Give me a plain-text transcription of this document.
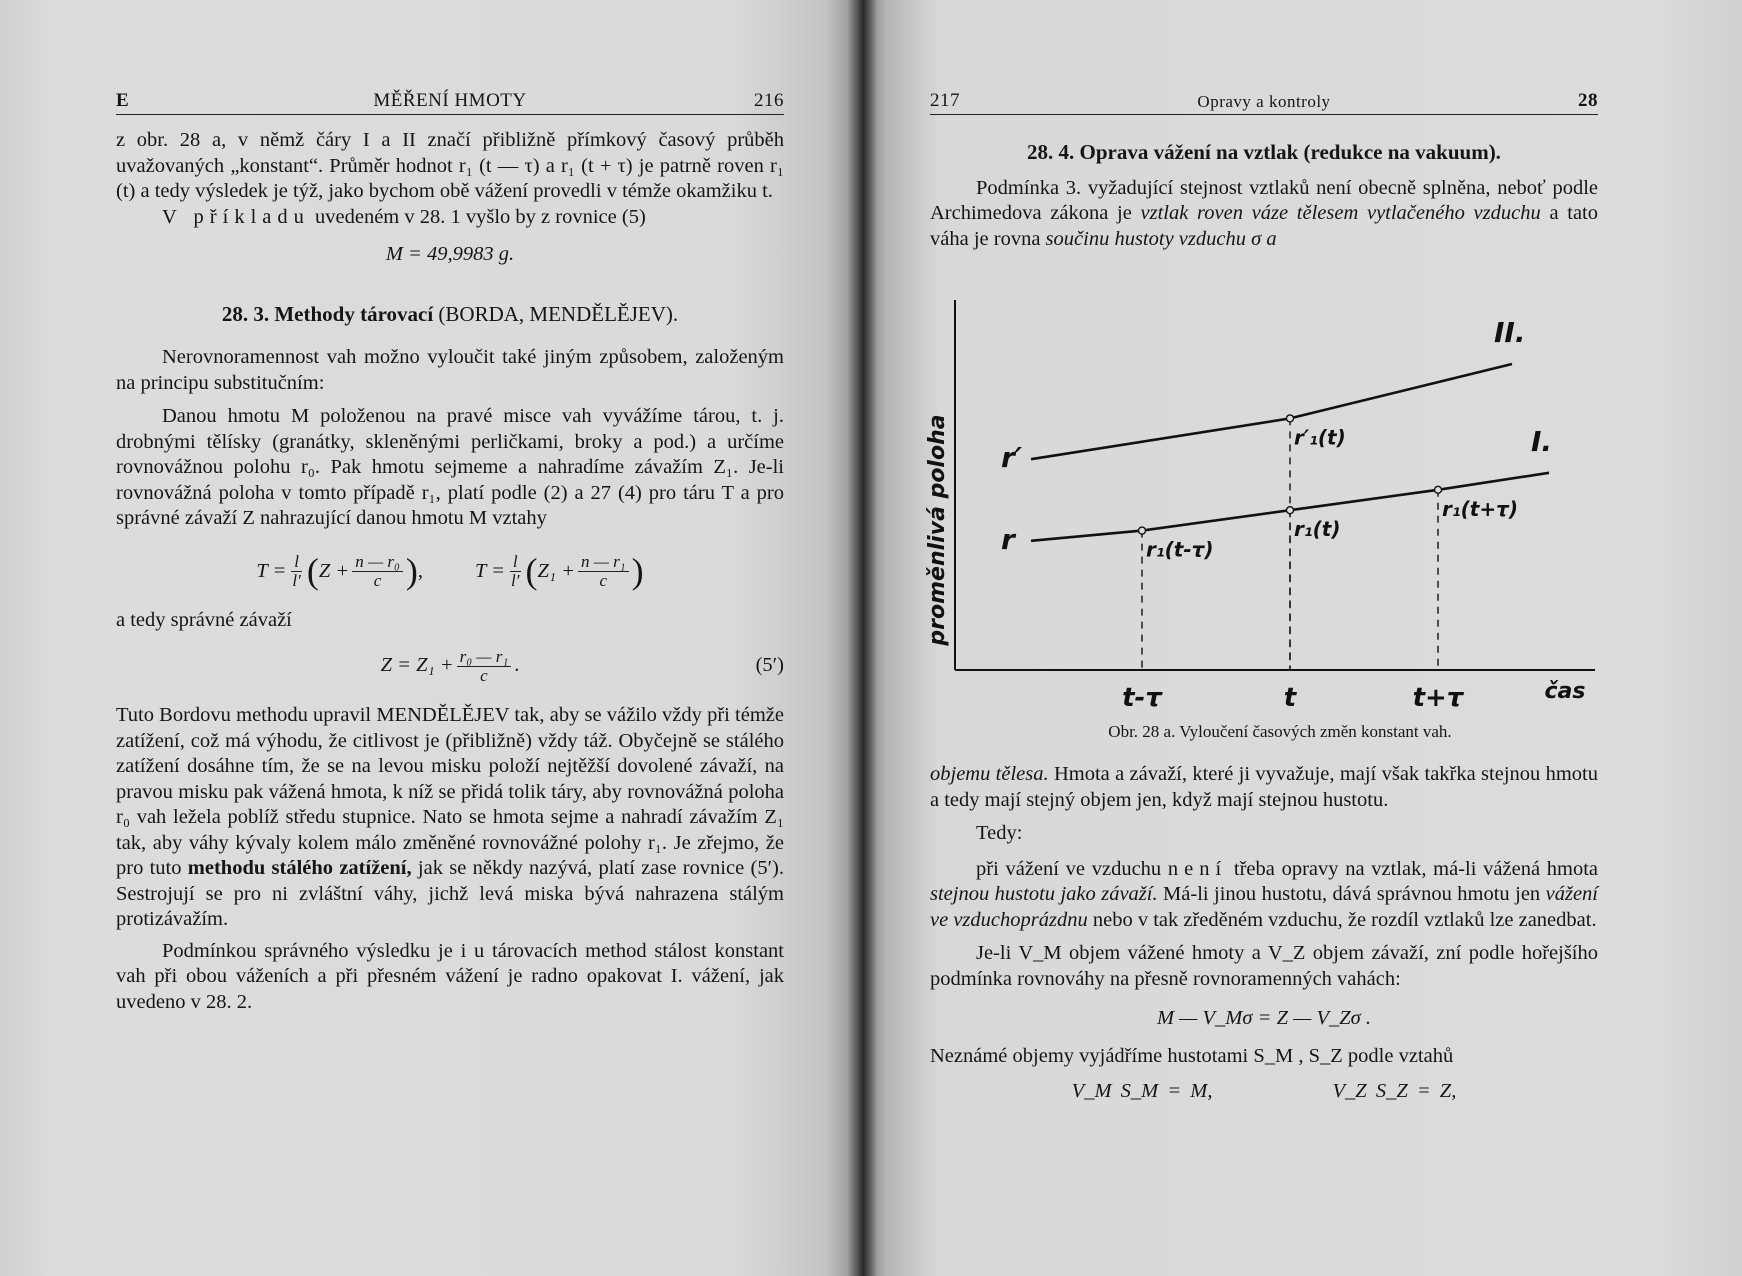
E	MĚŘENÍ HMOTY	216

z obr. 28 a, v němž čáry I a II značí přibližně přímkový časový průběh uvažovaných „konstant“. Průměr hodnot r₁ (t — τ) a r₁ (t + τ) je patrně roven r₁ (t) a tedy výsledek je týž, jako bychom obě vážení provedli v témže okamžiku t.

V příkladu uvedeném v 28. 1 vyšlo by z rovnice (5)

M = 49,9983 g.

28. 3. Methody tárovací (BORDA, MENDĚLĚJEV).

Nerovnoramennost vah možno vyloučit také jiným způsobem, založeným na principu substitučním:

Danou hmotu M položenou na pravé misce vah vyvážíme tárou, t. j. drobnými tělísky (granátky, skleněnými perličkami, broky a pod.) a určíme rovnovážnou polohu r₀. Pak hmotu sejmeme a nahradíme závažím Z₁. Je-li rovnovážná poloha v tomto případě r₁, platí podle (2) a 27 (4) pro táru T a pro správné závaží Z nahrazující danou hmotu M vztahy

$T = \frac{l}{l'}$ ( $Z + \frac{\text{n — r₀}}{c}$ ) ,	$T = \frac{l}{l'}$ ( $Z_1 + \frac{\text{n — r₁}}{c}$ )

a tedy správné závaží

$Z = Z_1 + \frac{\text{r₀ — r₁}}{c}$ .	(5′)

Tuto Bordovu methodu upravil MENDĚLĚJEV tak, aby se vážilo vždy při témže zatížení, což má výhodu, že citlivost je (přibližně) vždy táž. Obyčejně se stálého zatížení dosáhne tím, že se na levou misku položí nejtěžší dovolené závaží, na pravou misku pak vážená hmota, k níž se přidá tolik táry, aby rovnovážná poloha r₀ vah ležela poblíž středu stupnice. Nato se hmota sejme a nahradí závažím Z₁ tak, aby váhy kývaly kolem málo změněné rovnovážné polohy r₁. Je zřejmo, že pro tuto methodu stálého zatížení, jak se někdy nazývá, platí zase rovnice (5′). Sestrojují se pro ni zvláštní váhy, jichž levá miska bývá nahrazena stálým protizávažím.

Podmínkou správného výsledku je i u tárovacích method stálost konstant vah při obou váženích a při přesném vážení je radno opakovat I. vážení, jak uvedeno v 28. 2.

217	Opravy a kontroly	28

28. 4. Oprava vážení na vztlak (redukce na vakuum).

Podmínka 3. vyžadující stejnost vztlaků není obecně splněna, neboť podle Archimedova zákona je vztlak roven váze tělesem vytlačeného vzduchu a tato váha je rovna součinu hustoty vzduchu σ a

objemu tělesa. Hmota a závaží, které ji vyvažuje, mají však takřka stejnou hmotu a tedy mají stejný objem jen, když mají stejnou hustotu.

Tedy:

při vážení ve vzduchu není třeba opravy na vztlak, má-li vážená hmota stejnou hustotu jako závaží. Má-li jinou hustotu, dává správnou hmotu jen vážení ve vzduchoprázdnu nebo v tak zředěném vzduchu, že rozdíl vztlaků lze zanedbat.

Je-li V_M objem vážené hmoty a V_Z objem závaží, zní podle hořejšího podmínka rovnováhy na přesně rovnoramenných vahách:

M — V_Mσ = Z — V_Zσ .

Neznámé objemy vyjádříme hustotami S_M , S_Z podle vztahů

V_M S_M = M,	V_Z S_Z = Z,

proměnlivá poloha
čas
t-τ	t	t+τ
r′
II.
r′₁(t)
r
I.
r₁(t-τ)
r₁(t)
r₁(t+τ)
Obr. 28 a. Vyloučení časových změn konstant vah.
